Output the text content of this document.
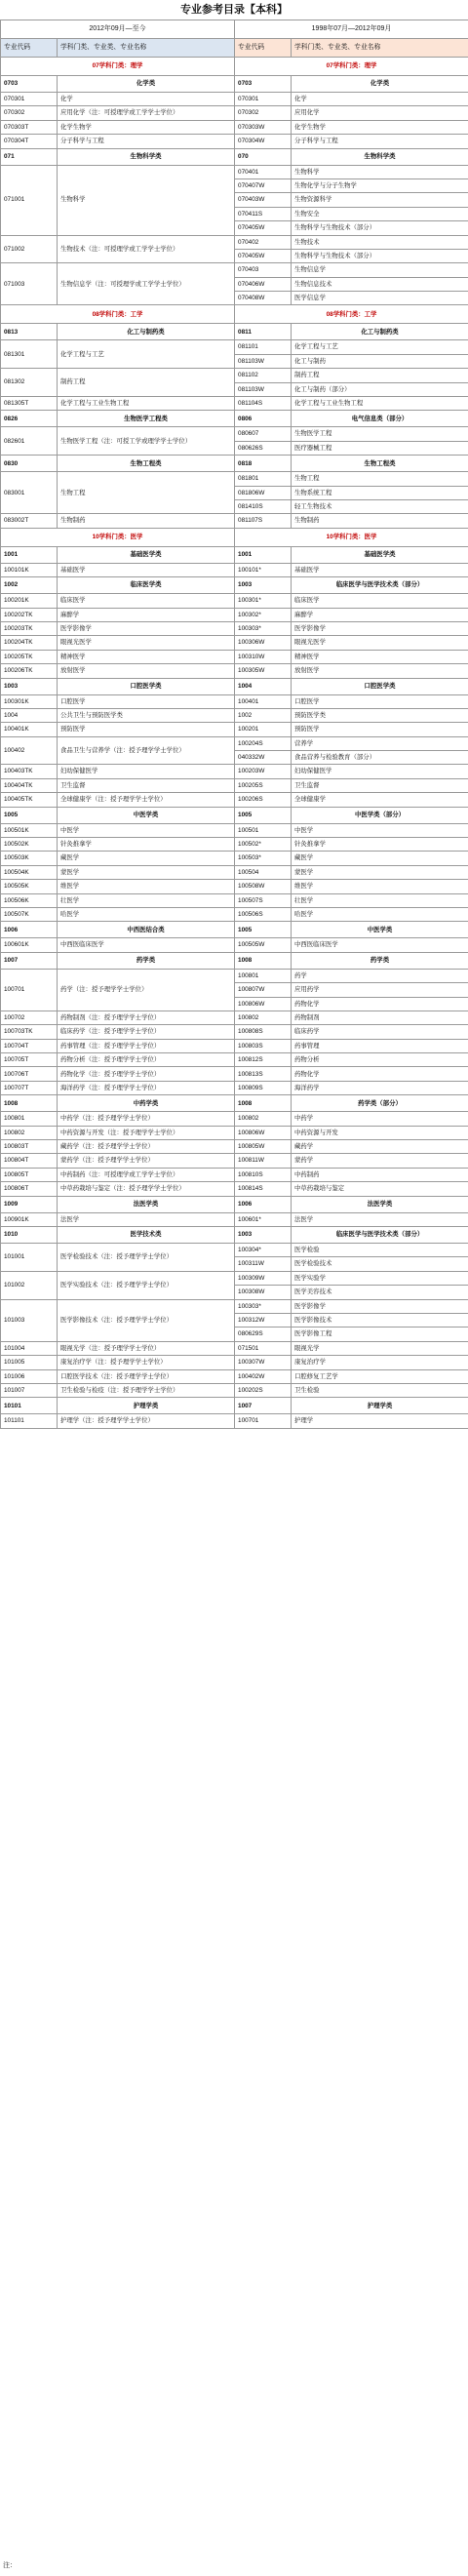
专业参考目录【本科】
2012年09月—至今		1998年07月—2012年09月	
专业代码	学科门类、专业类、专业名称	专业代码	学科门类、专业类、专业名称
07学科门类：理学		07学科门类：理学	
0703	化学类	0703	化学类
070301	化学	070301	化学
070302	应用化学（注：可授理学或工学学士学位）	070302	应用化学
070303T	化学生物学	070303W	化学生物学
070304T	分子科学与工程	070304W	分子科学与工程
071	生物科学类	070	生物科学类
071001	生物科学	070401	生物科学
		070407W	生物化学与分子生物学
		070403W	生物资源科学
		070411S	生物安全
		070405W	生物科学与生物技术（部分）
071002	生物技术（注：可授理学或工学学士学位）	070402	生物技术
		070405W	生物科学与生物技术（部分）
071003	生物信息学（注：可授理学或工学学士学位）	070403	生物信息学
		070406W	生物信息技术
		070408W	医学信息学
08学科门类：工学		08学科门类：工学	
0813	化工与制药类	0811	化工与制药类
081301	化学工程与工艺	081101	化学工程与工艺
		081103W	化工与制药
081302	制药工程	081102	制药工程
		081103W	化工与制药（部分）
081305T	化学工程与工业生物工程	081104S	化学工程与工业生物工程
0826	生物医学工程类	0806	电气信息类（部分）
082601	生物医学工程（注：可授工学或理学学士学位）	080607	生物医学工程
		080626S	医疗器械工程
0830	生物工程类	0818	生物工程类
083001	生物工程	081801	生物工程
		081806W	生物系统工程
		081410S	轻工生物技术
083002T	生物制药	081107S	生物制药
10学科门类：医学		10学科门类：医学	
1001	基础医学类	1001	基础医学类
100101K	基础医学	100101*	基础医学
1002	临床医学类	1003	临床医学与医学技术类（部分）
100201K	临床医学	100301*	临床医学
100202TK	麻醉学	100302*	麻醉学
100203TK	医学影像学	100303*	医学影像学
100204TK	眼视光医学	100306W	眼视光医学
100205TK	精神医学	100310W	精神医学
100206TK	放射医学	100305W	放射医学
1003	口腔医学类	1004	口腔医学类
100301K	口腔医学	100401	口腔医学
1004	公共卫生与预防医学类	1002	预防医学类
100401K	预防医学	100201	预防医学
100402	食品卫生与营养学（注：授予理学学士学位）	100204S	营养学
		040332W	食品营养与检验教育（部分）
100403TK	妇幼保健医学	100203W	妇幼保健医学
100404TK	卫生监督	100205S	卫生监督
100405TK	全球健康学（注：授予理学学士学位）	100206S	全球健康学
1005	中医学类	1005	中医学类（部分）
100501K	中医学	100501	中医学
100502K	针灸推拿学	100502*	针灸推拿学
100503K	藏医学	100503*	藏医学
100504K	蒙医学	100504	蒙医学
100505K	维医学	100508W	维医学
100506K	壮医学	100507S	壮医学
100507K	哈医学	100506S	哈医学
1006	中西医结合类	1005	中医学类
100601K	中西医临床医学	100505W	中西医临床医学
1007	药学类	1008	药学类
100701	药学（注：授予理学学士学位）	100801	药学
		100807W	应用药学
		100806W	药物化学
100702	药物制剂（注：授予理学学士学位）	100802	药物制剂
100703TK	临床药学（注：授予理学学士学位）	100808S	临床药学
100704T	药事管理（注：授予理学学士学位）	100803S	药事管理
100705T	药物分析（注：授予理学学士学位）	100812S	药物分析
100706T	药物化学（注：授予理学学士学位）	100813S	药物化学
100707T	海洋药学（注：授予理学学士学位）	100809S	海洋药学
1008	中药学类	1008	药学类（部分）
100801	中药学（注：授予理学学士学位）	100802	中药学
100802	中药资源与开发（注：授予理学学士学位）	100806W	中药资源与开发
100803T	藏药学（注：授予理学学士学位）	100805W	藏药学
100804T	蒙药学（注：授予理学学士学位）	100811W	蒙药学
100805T	中药制药（注：可授理学或工学学士学位）	100810S	中药制药
100806T	中草药栽培与鉴定（注：授予理学学士学位）	100814S	中草药栽培与鉴定
1009	法医学类	1006	法医学类
100901K	法医学	100601*	法医学
1010	医学技术类	1003	临床医学与医学技术类（部分）
101001	医学检验技术（注：授予理学学士学位）	100304*	医学检验
		100311W	医学检验技术
101002	医学实验技术（注：授予理学学士学位）	100309W	医学实验学
		100308W	医学美容技术
101003	医学影像技术（注：授予理学学士学位）	100303*	医学影像学
		100312W	医学影像技术
		080629S	医学影像工程
101004	眼视光学（注：授予理学学士学位）	071501	眼视光学
101005	康复治疗学（注：授予理学学士学位）	100307W	康复治疗学
101006	口腔医学技术（注：授予理学学士学位）	100402W	口腔修复工艺学
101007	卫生检验与检疫（注：授予理学学士学位）	100202S	卫生检验
10101	护理学类	1007	护理学类
101101	护理学（注：授予理学学士学位）	100701	护理学
注：
